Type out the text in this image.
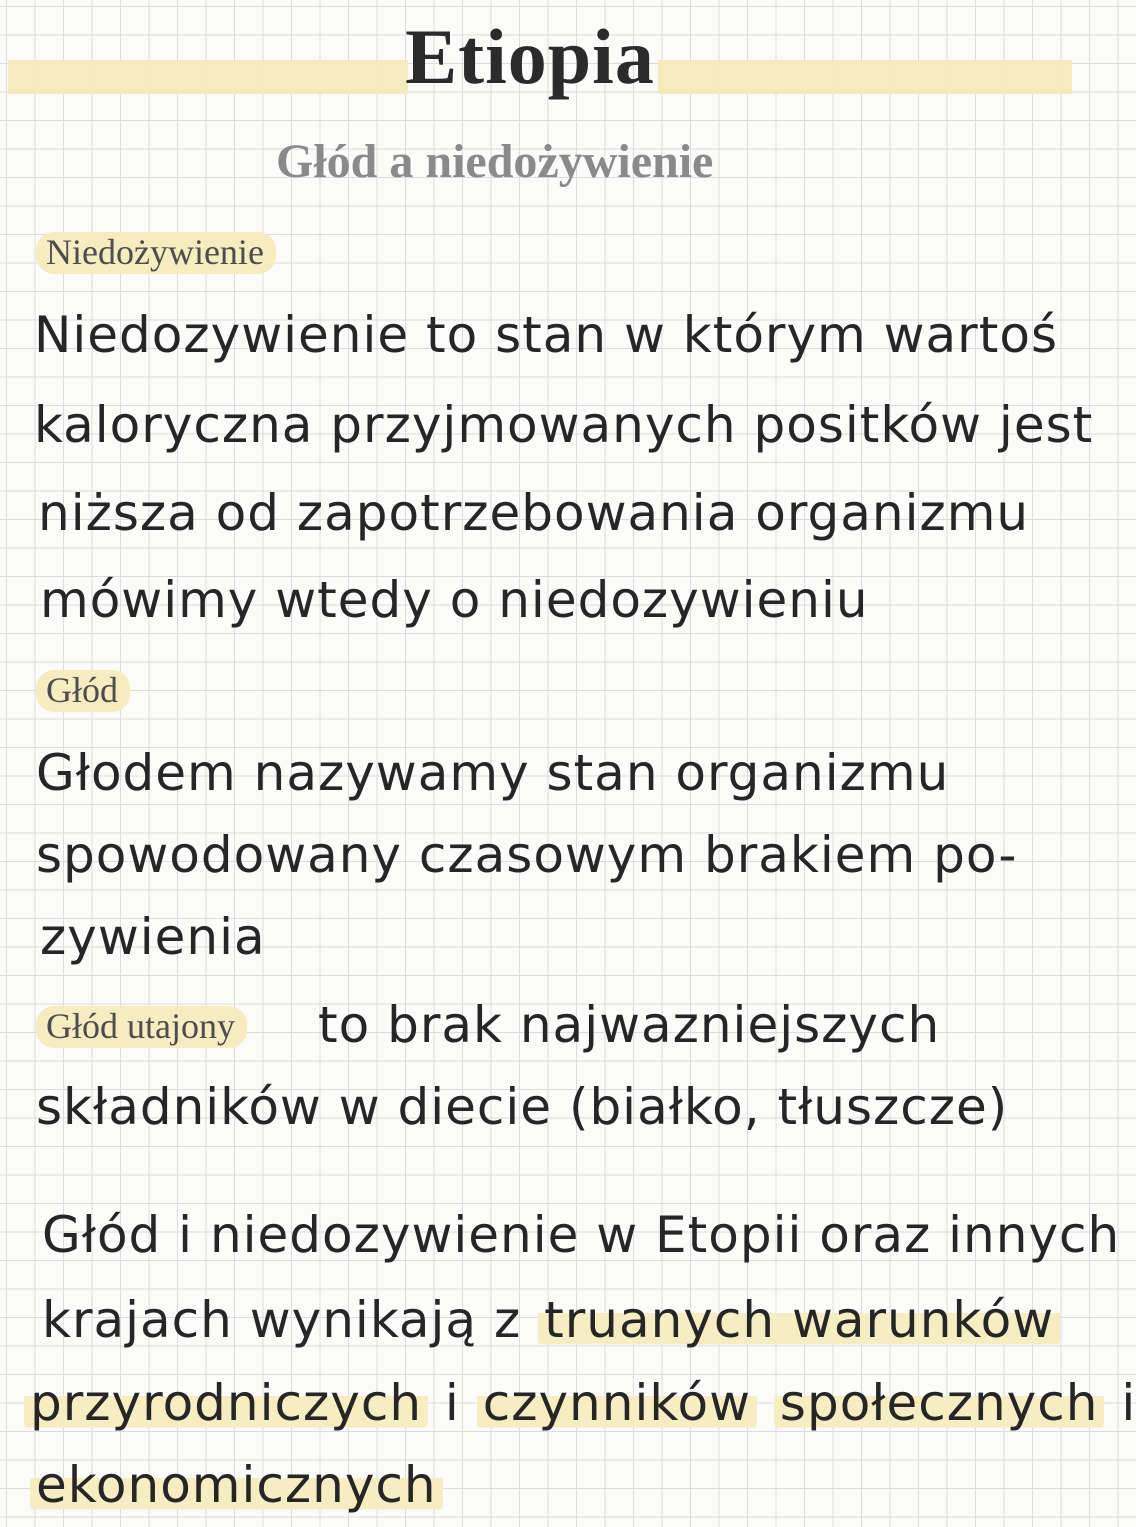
Etiopia
Głód a niedożywienie
Niedożywienie

Niedozywienie to stan w którym wartoś

kaloryczna przyjmowanych positków jest

niższa od zapotrzebowania organizmu

mówimy wtedy o niedozywieniu

Głód

Głodem nazywamy stan organizmu

spowodowany czasowym brakiem po-

zywienia

Głód utajony to brak najwazniejszych

składników w diecie (białko, tłuszcze)

Głód i niedozywienie w Etopii oraz innych

krajach wynikają z truanych warunków

przyrodniczych i czynników społecznych i

ekonomicznych
